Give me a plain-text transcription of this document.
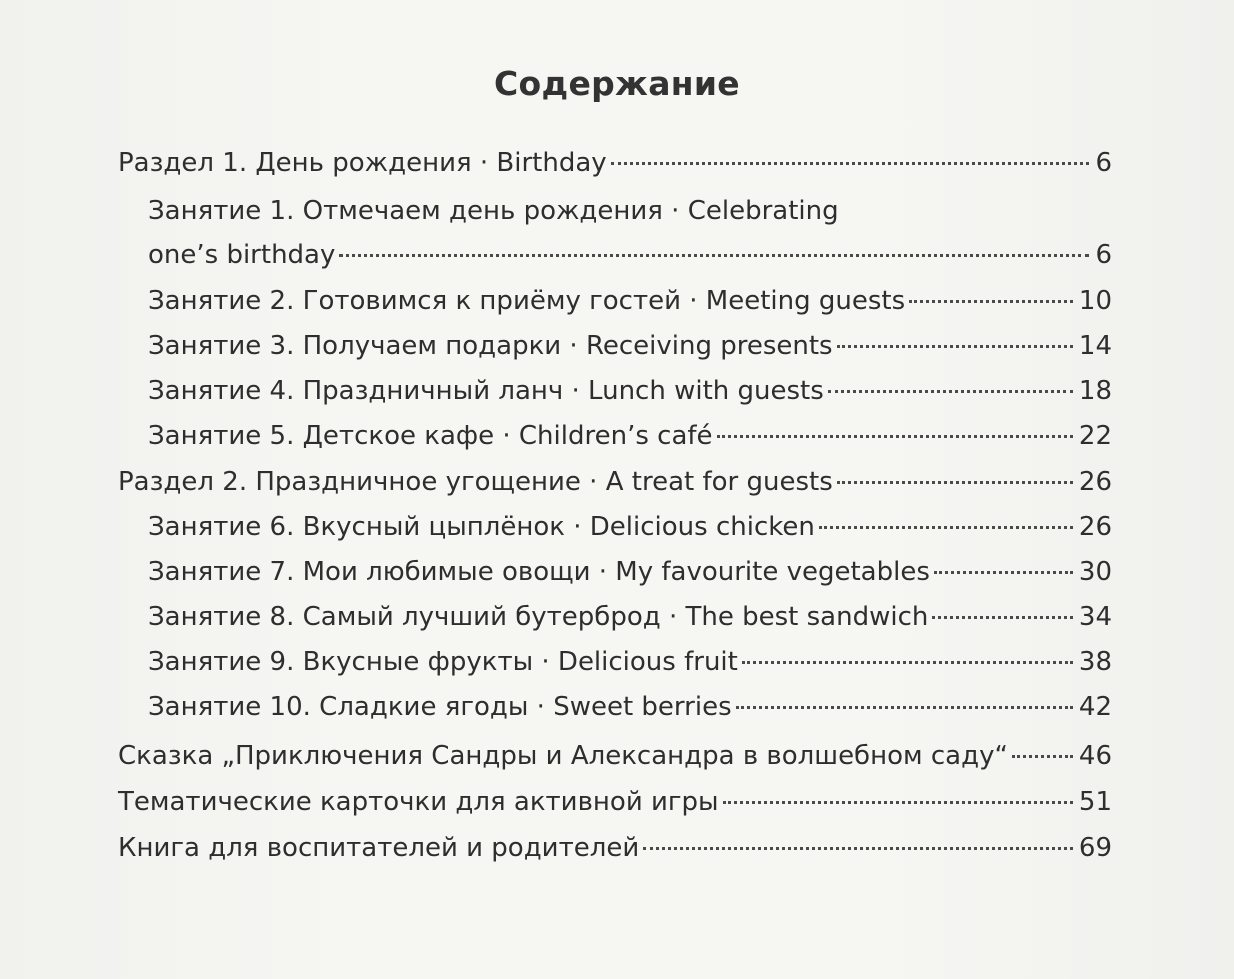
Содержание
Раздел 1. День рождения · Birthday	6
Занятие 1. Отмечаем день рождения · Celebrating
one’s birthday	6
Занятие 2. Готовимся к приёму гостей · Meeting guests	10
Занятие 3. Получаем подарки · Receiving presents	14
Занятие 4. Праздничный ланч · Lunch with guests	18
Занятие 5. Детское кафе · Children’s café	22
Раздел 2. Праздничное угощение · A treat for guests	26
Занятие 6. Вкусный цыплёнок · Delicious chicken	26
Занятие 7. Мои любимые овощи · My favourite vegetables	30
Занятие 8. Самый лучший бутерброд · The best sandwich	34
Занятие 9. Вкусные фрукты · Delicious fruit	38
Занятие 10. Сладкие ягоды · Sweet berries	42
Сказка „Приключения Сандры и Александра в волшебном саду“	46
Тематические карточки для активной игры	51
Книга для воспитателей и родителей	69
